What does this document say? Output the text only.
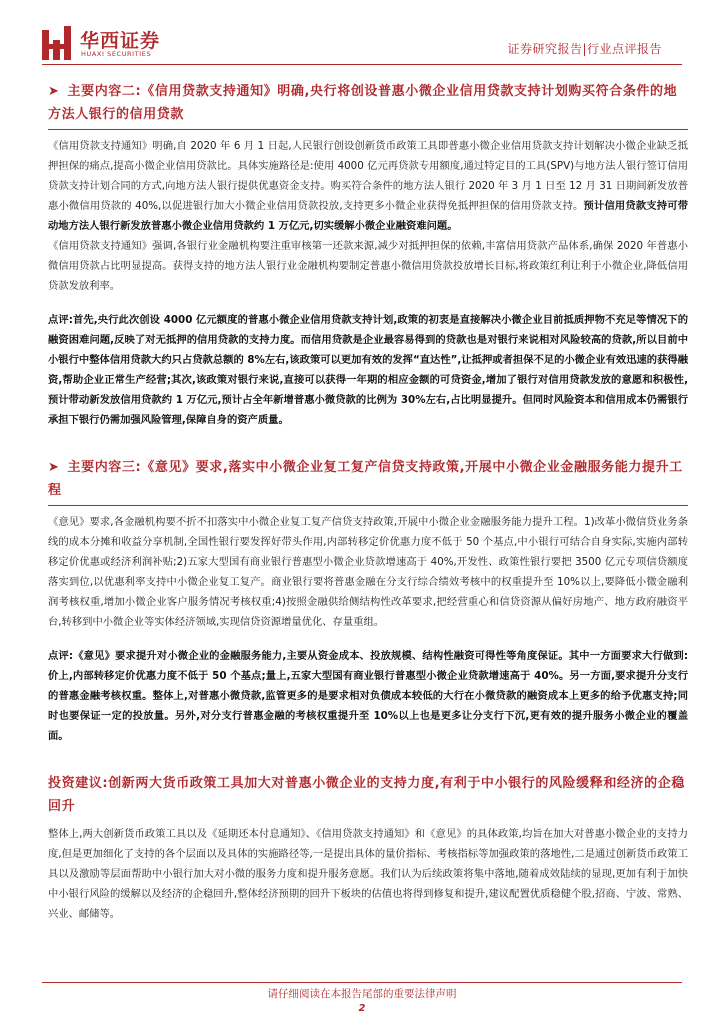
华西证券
HUAXI SECURITIES	证券研究报告|行业点评报告
➤ 主要内容二:《信用贷款支持通知》明确,央行将创设普惠小微企业信用贷款支持计划购买符合条件的地方法人银行的信用贷款
《信用贷款支持通知》明确,自 2020 年 6 月 1 日起,人民银行创设创新货币政策工具即普惠小微企业信用贷款支持计划解决小微企业缺乏抵押担保的痛点,提高小微企业信用贷款比。具体实施路径是:使用 4000 亿元再贷款专用额度,通过特定目的工具(SPV)与地方法人银行签订信用贷款支持计划合同的方式,向地方法人银行提供优惠资金支持。购买符合条件的地方法人银行 2020 年 3 月 1 日至 12 月 31 日期间新发放普惠小微信用贷款的 40%,以促进银行加大小微企业信用贷款投放,支持更多小微企业获得免抵押担保的信用贷款支持。预计信用贷款支持可带动地方法人银行新发放普惠小微企业信用贷款约 1 万亿元,切实缓解小微企业融资难问题。
《信用贷款支持通知》强调,各银行业金融机构要注重审核第一还款来源,减少对抵押担保的依赖,丰富信用贷款产品体系,确保 2020 年普惠小微信用贷款占比明显提高。获得支持的地方法人银行业金融机构要制定普惠小微信用贷款投放增长目标,将政策红利让利于小微企业,降低信用贷款发放利率。
点评:首先,央行此次创设 4000 亿元额度的普惠小微企业信用贷款支持计划,政策的初衷是直接解决小微企业目前抵质押物不充足等情况下的融资困难问题,反映了对无抵押的信用贷款的支持力度。而信用贷款是企业最容易得到的贷款也是对银行来说相对风险较高的贷款,所以目前中小银行中整体信用贷款大约只占贷款总额的 8%左右,该政策可以更加有效的发挥“直达性”,让抵押或者担保不足的小微企业有效迅速的获得融资,帮助企业正常生产经营;其次,该政策对银行来说,直接可以获得一年期的相应金额的可贷资金,增加了银行对信用贷款发放的意愿和积极性,预计带动新发放信用贷款约 1 万亿元,预计占全年新增普惠小微贷款的比例为 30%左右,占比明显提升。但同时风险资本和信用成本仍需银行承担下银行仍需加强风险管理,保障自身的资产质量。
➤ 主要内容三:《意见》要求,落实中小微企业复工复产信贷支持政策,开展中小微企业金融服务能力提升工程
《意见》要求,各金融机构要不折不扣落实中小微企业复工复产信贷支持政策,开展中小微企业金融服务能力提升工程。1)改革小微信贷业务条线的成本分摊和收益分享机制,全国性银行要发挥好带头作用,内部转移定价优惠力度不低于 50 个基点,中小银行可结合自身实际,实施内部转移定价优惠或经济利润补贴;2)五家大型国有商业银行普惠型小微企业贷款增速高于 40%,开发性、政策性银行要把 3500 亿元专项信贷额度落实到位,以优惠利率支持中小微企业复工复产。商业银行要将普惠金融在分支行综合绩效考核中的权重提升至 10%以上,要降低小微金融利润考核权重,增加小微企业客户服务情况考核权重;4)按照金融供给侧结构性改革要求,把经营重心和信贷资源从偏好房地产、地方政府融资平台,转移到中小微企业等实体经济领域,实现信贷资源增量优化、存量重组。
点评:《意见》要求提升对小微企业的金融服务能力,主要从资金成本、投放规模、结构性融资可得性等角度保证。其中一方面要求大行做到:价上,内部转移定价优惠力度不低于 50 个基点;量上,五家大型国有商业银行普惠型小微企业贷款增速高于 40%。另一方面,要求提升分支行的普惠金融考核权重。整体上,对普惠小微贷款,监管更多的是要求相对负债成本较低的大行在小微贷款的融资成本上更多的给予优惠支持;同时也要保证一定的投放量。另外,对分支行普惠金融的考核权重提升至 10%以上也是更多让分支行下沉,更有效的提升服务小微企业的覆盖面。
投资建议:创新两大货币政策工具加大对普惠小微企业的支持力度,有利于中小银行的风险缓释和经济的企稳回升
整体上,两大创新货币政策工具以及《延期还本付息通知》、《信用贷款支持通知》和《意见》的具体政策,均旨在加大对普惠小微企业的支持力度,但是更加细化了支持的各个层面以及具体的实施路径等,一是提出具体的量价指标、考核指标等加强政策的落地性,二是通过创新货币政策工具以及激励等层面帮助中小银行加大对小微的服务力度和提升服务意愿。我们认为后续政策将集中落地,随着成效陆续的显现,更加有利于加快中小银行风险的缓解以及经济的企稳回升,整体经济预期的回升下板块的估值也将得到修复和提升,建议配置优质稳健个股,招商、宁波、常熟、兴业、邮储等。
请仔细阅读在本报告尾部的重要法律声明
2
